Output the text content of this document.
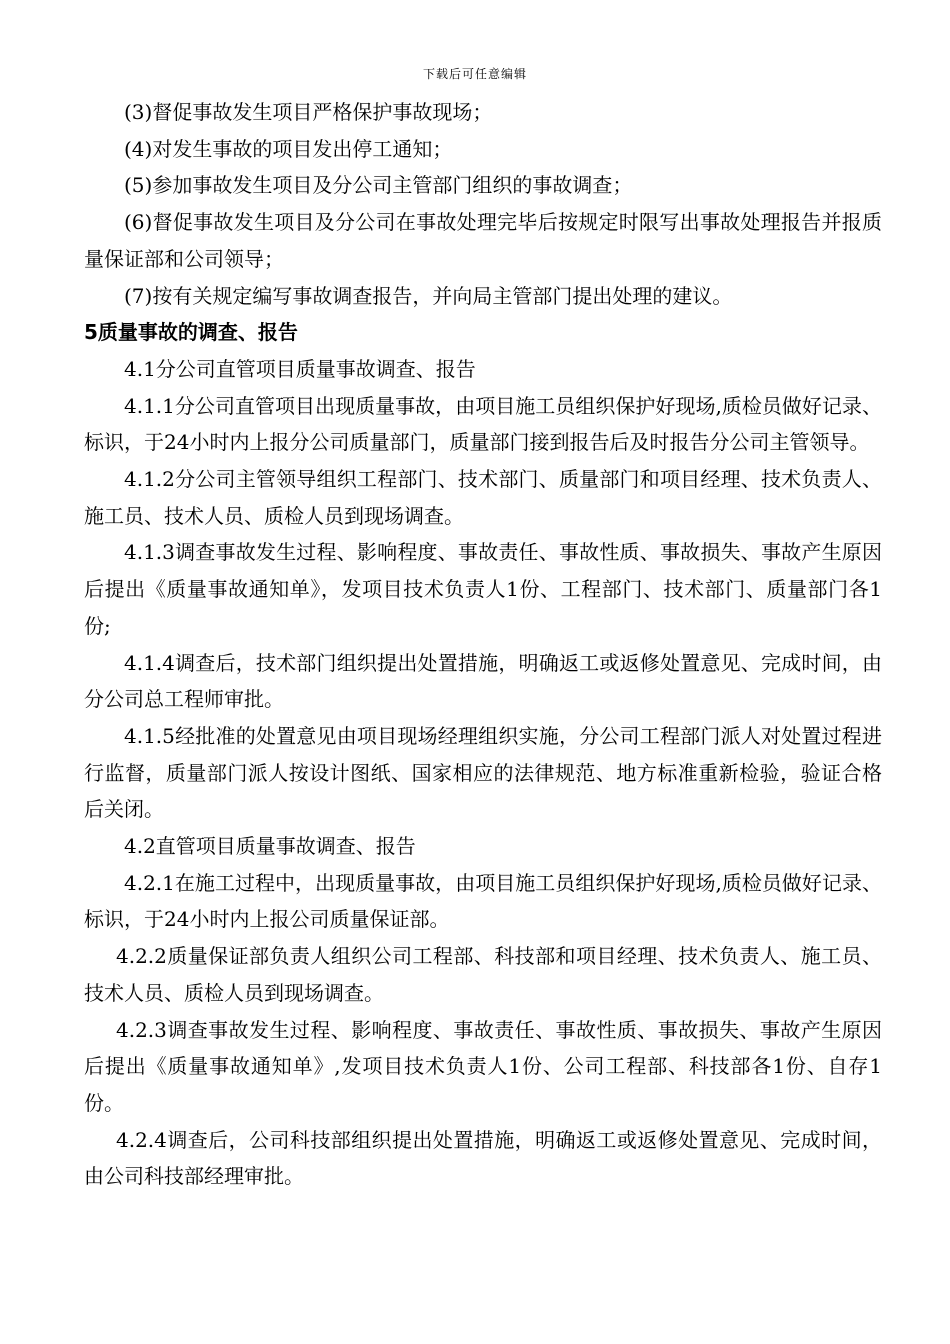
下载后可任意编辑

(3)督促事故发生项目严格保护事故现场；

(4)对发生事故的项目发出停工通知；

(5)参加事故发生项目及分公司主管部门组织的事故调查；

(6)督促事故发生项目及分公司在事故处理完毕后按规定时限写出事故处理报告并报质量保证部和公司领导；

(7)按有关规定编写事故调查报告，并向局主管部门提出处理的建议。

5质量事故的调查、报告

4.1分公司直管项目质量事故调查、报告

4.1.1分公司直管项目出现质量事故，由项目施工员组织保护好现场,质检员做好记录、标识，于24小时内上报分公司质量部门，质量部门接到报告后及时报告分公司主管领导。

4.1.2分公司主管领导组织工程部门、技术部门、质量部门和项目经理、技术负责人、施工员、技术人员、质检人员到现场调查。

4.1.3调查事故发生过程、影响程度、事故责任、事故性质、事故损失、事故产生原因后提出《质量事故通知单》，发项目技术负责人1份、工程部门、技术部门、质量部门各1份;

4.1.4调查后，技术部门组织提出处置措施，明确返工或返修处置意见、完成时间，由分公司总工程师审批。

4.1.5经批准的处置意见由项目现场经理组织实施，分公司工程部门派人对处置过程进行监督，质量部门派人按设计图纸、国家相应的法律规范、地方标准重新检验，验证合格后关闭。

4.2直管项目质量事故调查、报告

4.2.1在施工过程中，出现质量事故，由项目施工员组织保护好现场,质检员做好记录、标识，于24小时内上报公司质量保证部。

4.2.2质量保证部负责人组织公司工程部、科技部和项目经理、技术负责人、施工员、技术人员、质检人员到现场调查。

4.2.3调查事故发生过程、影响程度、事故责任、事故性质、事故损失、事故产生原因后提出《质量事故通知单》,发项目技术负责人1份、公司工程部、科技部各1份、自存1份。

4.2.4调查后，公司科技部组织提出处置措施，明确返工或返修处置意见、完成时间，由公司科技部经理审批。
